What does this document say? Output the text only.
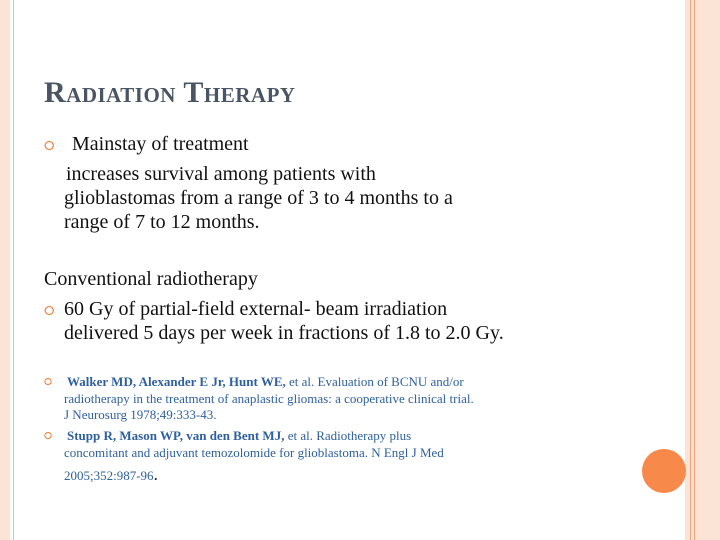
Radiation Therapy
⭘ Mainstay of treatment
increases survival among patients with
glioblastomas from a range of 3 to 4 months to a
range of 7 to 12 months.
Conventional radiotherapy
⭘ 60 Gy of partial-field external- beam irradiation
delivered 5 days per week in fractions of 1.8 to 2.0 Gy.
⭘ Walker MD, Alexander E Jr, Hunt WE, et al. Evaluation of BCNU and/or
radiotherapy in the treatment of anaplastic gliomas: a cooperative clinical trial.
J Neurosurg 1978;49:333-43.
⭘ Stupp R, Mason WP, van den Bent MJ, et al. Radiotherapy plus
concomitant and adjuvant temozolomide for glioblastoma. N Engl J Med
2005;352:987-96.
